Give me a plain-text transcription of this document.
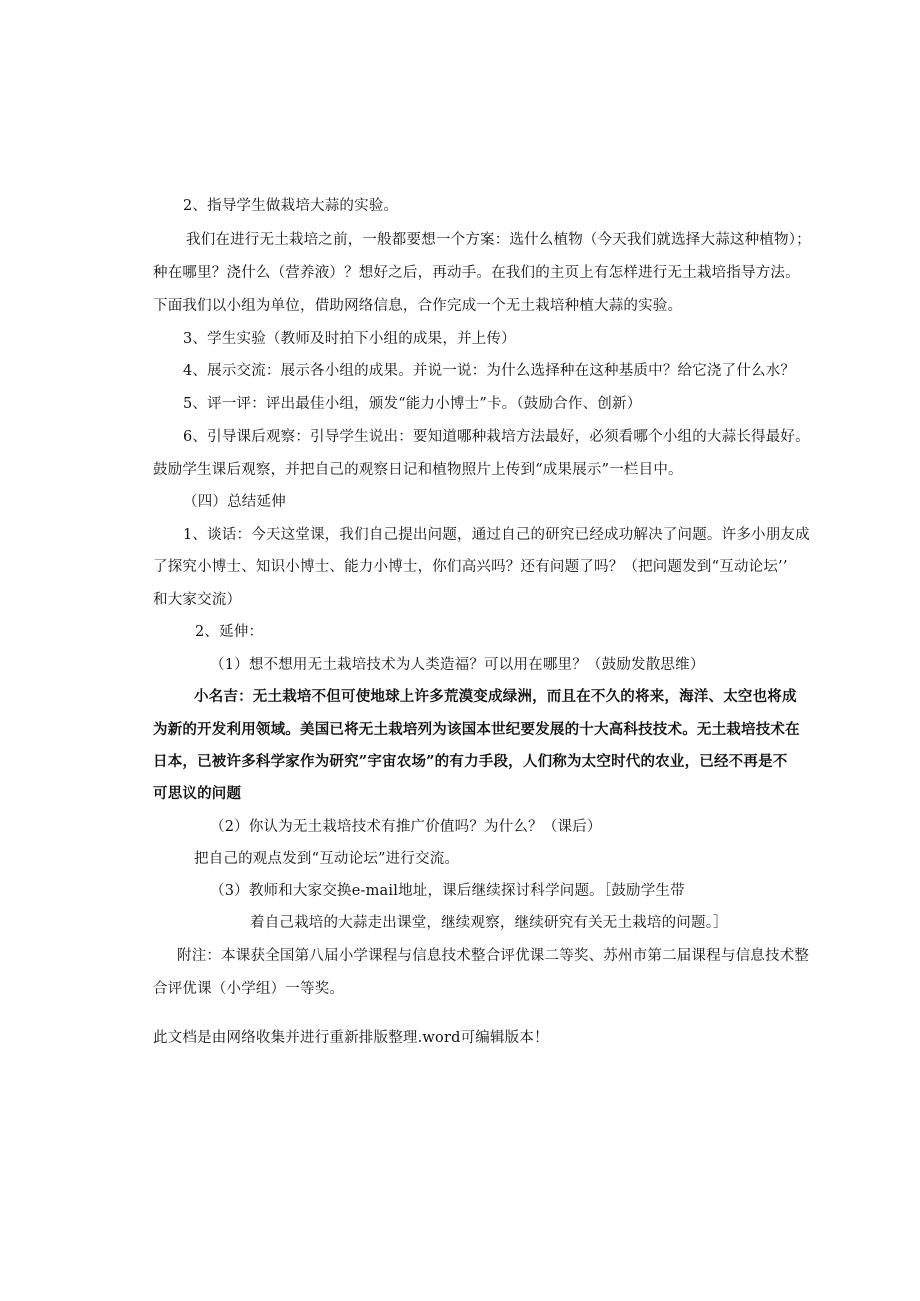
2、指导学生做栽培大蒜的实验。
我们在进行无土栽培之前，一般都要想一个方案：选什么植物（今天我们就选择大蒜这种植物）；
种在哪里？浇什么（营养液）？想好之后，再动手。在我们的主页上有怎样进行无土栽培指导方法。
下面我们以小组为单位，借助网络信息，合作完成一个无土栽培种植大蒜的实验。
3、学生实验（教师及时拍下小组的成果，并上传）
4、展示交流：展示各小组的成果。并说一说：为什么选择种在这种基质中？给它浇了什么水？
5、评一评：评出最佳小组，颁发“能力小博士”卡。（鼓励合作、创新）
6、引导课后观察：引导学生说出：要知道哪种栽培方法最好，必须看哪个小组的大蒜长得最好。
鼓励学生课后观察，并把自己的观察日记和植物照片上传到“成果展示”一栏目中。
（四）总结延伸
1、谈话：今天这堂课，我们自己提出问题，通过自己的研究已经成功解决了问题。许多小朋友成
了探究小博士、知识小博士、能力小博士，你们高兴吗？还有问题了吗？（把问题发到“互动论坛’’
和大家交流）
2、延伸：
（1）想不想用无土栽培技术为人类造福？可以用在哪里？（鼓励发散思维）
小名吉：无土栽培不但可使地球上许多荒漠变成绿洲，而且在不久的将来，海洋、太空也将成
为新的开发利用领域。美国已将无土栽培列为该国本世纪要发展的十大高科技技术。无土栽培技术在
日本，已被许多科学家作为研究”宇宙农场”的有力手段，人们称为太空时代的农业，已经不再是不
可思议的问题
（2）你认为无土栽培技术有推广价值吗？为什么？（课后）
把自己的观点发到“互动论坛”进行交流。
（3）教师和大家交换e-mail地址，课后继续探讨科学问题。［鼓励学生带
着自己栽培的大蒜走出课堂，继续观察，继续研究有关无土栽培的问题。］
附注：本课获全国第八届小学课程与信息技术整合评优课二等奖、苏州市第二届课程与信息技术整
合评优课（小学组）一等奖。
此文档是由网络收集并进行重新排版整理.word可编辑版本！
